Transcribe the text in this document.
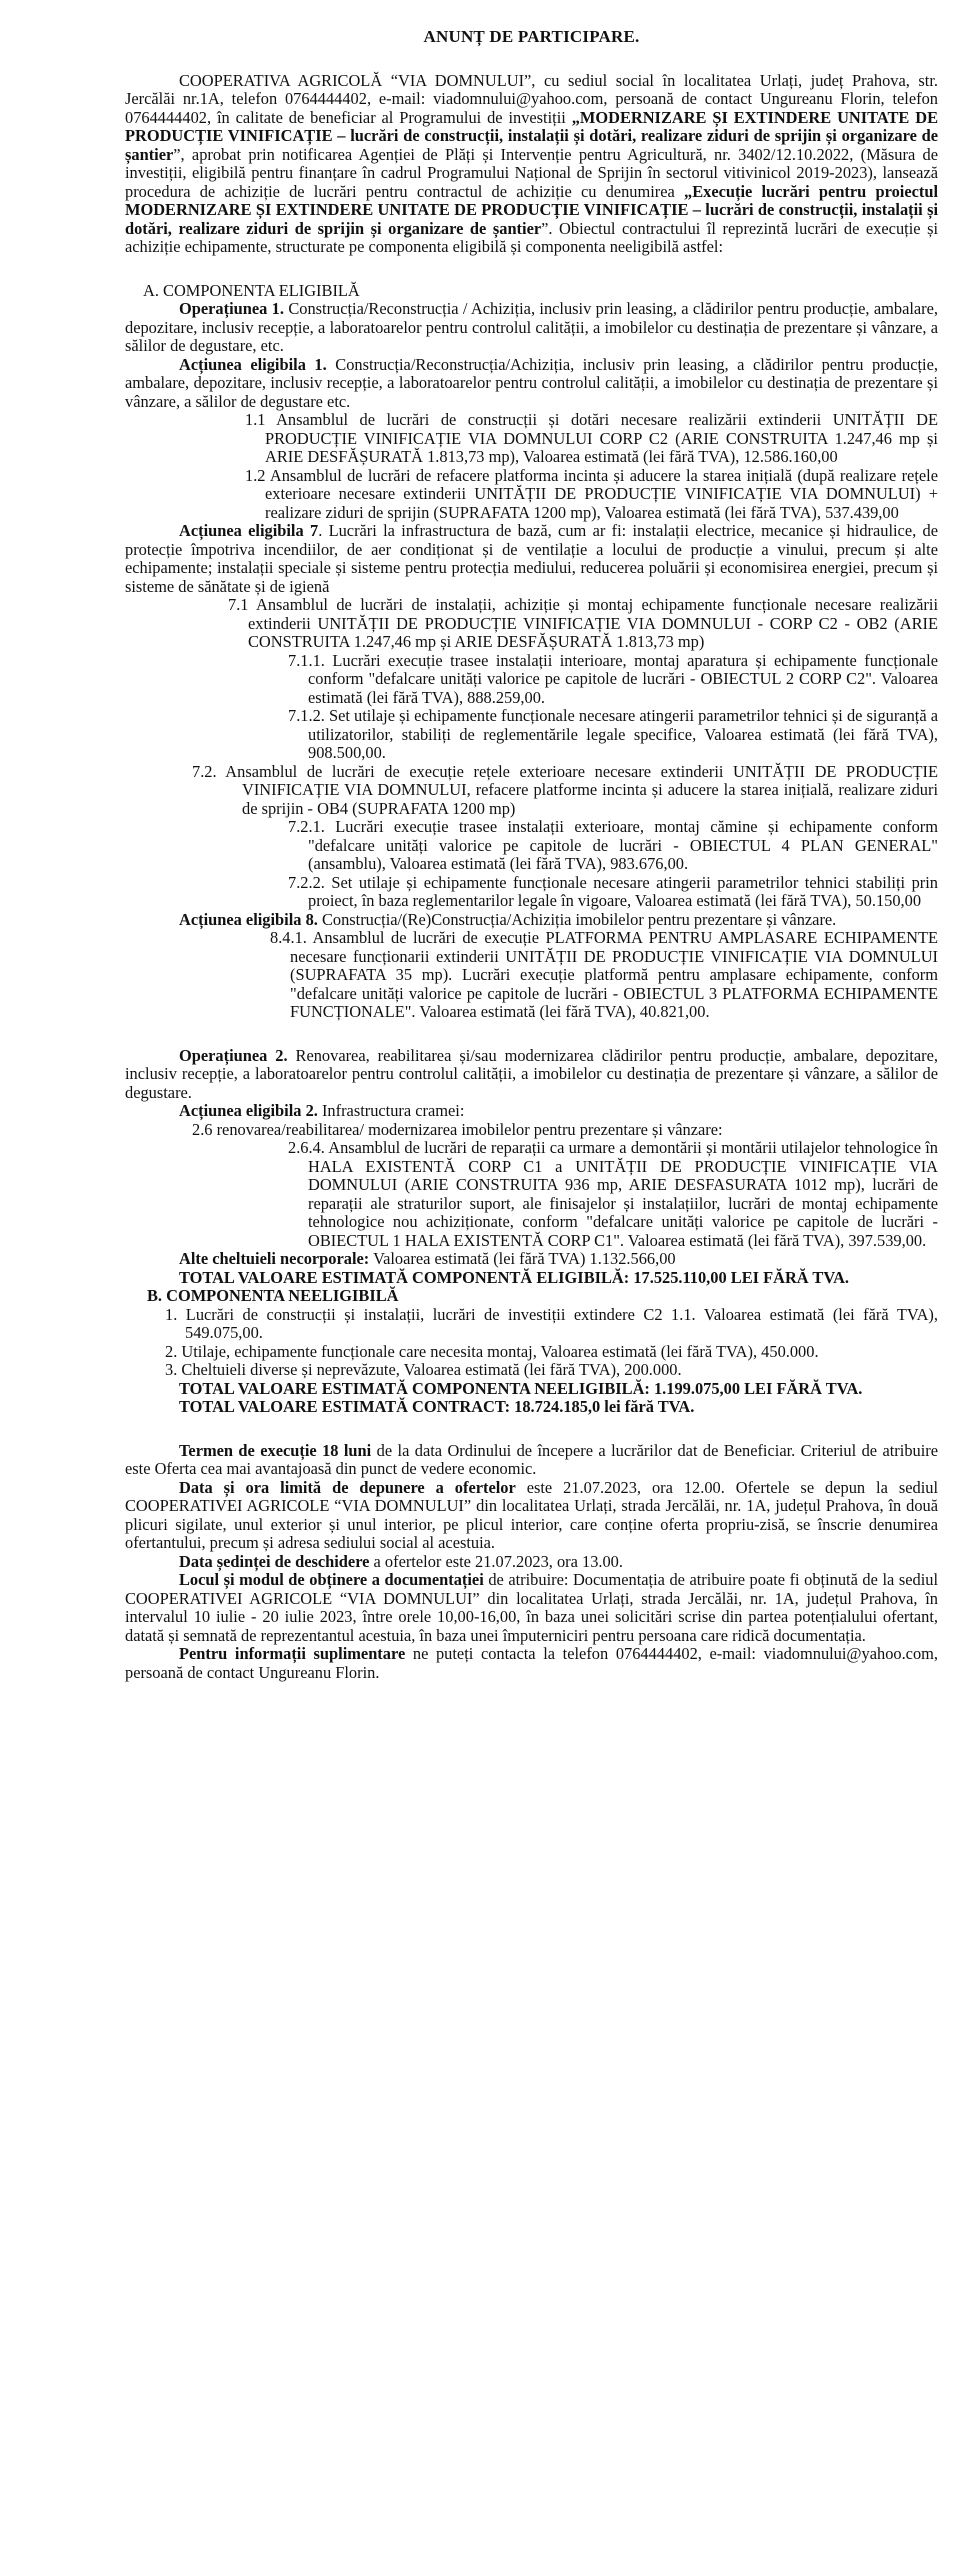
ANUNȚ DE PARTICIPARE.

COOPERATIVA AGRICOLĂ “VIA DOMNULUI”, cu sediul social în localitatea Urlați, județ Prahova, str. Jercălăi nr.1A, telefon 0764444402, e-mail: viadomnului@yahoo.com, persoană de contact Ungureanu Florin, telefon 0764444402, în calitate de beneficiar al Programului de investiții „MODERNIZARE ȘI EXTINDERE UNITATE DE PRODUCȚIE VINIFICAȚIE – lucrări de construcții, instalații și dotări, realizare ziduri de sprijin și organizare de șantier”, aprobat prin notificarea Agenției de Plăți și Intervenție pentru Agricultură, nr. 3402/12.10.2022, (Măsura de investiții, eligibilă pentru finanțare în cadrul Programului Național de Sprijin în sectorul vitivinicol 2019-2023), lansează procedura de achiziție de lucrări pentru contractul de achiziție cu denumirea „Execuție lucrări pentru proiectul MODERNIZARE ȘI EXTINDERE UNITATE DE PRODUCȚIE VINIFICAȚIE – lucrări de construcții, instalații și dotări, realizare ziduri de sprijin și organizare de șantier”. Obiectul contractului îl reprezintă lucrări de execuție și achiziție echipamente, structurate pe componenta eligibilă și componenta neeligibilă astfel:

A. COMPONENTA ELIGIBILĂ

Operațiunea 1. Construcția/Reconstrucția / Achiziția, inclusiv prin leasing, a clădirilor pentru producție, ambalare, depozitare, inclusiv recepție, a laboratoarelor pentru controlul calității, a imobilelor cu destinația de prezentare și vânzare, a sălilor de degustare, etc.

Acțiunea eligibila 1. Construcția/Reconstrucția/Achiziția, inclusiv prin leasing, a clădirilor pentru producție, ambalare, depozitare, inclusiv recepție, a laboratoarelor pentru controlul calității, a imobilelor cu destinația de prezentare și vânzare, a sălilor de degustare etc.

1.1 Ansamblul de lucrări de construcții și dotări necesare realizării extinderii UNITĂȚII DE PRODUCȚIE VINIFICAȚIE VIA DOMNULUI CORP C2 (ARIE CONSTRUITA 1.247,46 mp și ARIE DESFĂȘURATĂ 1.813,73 mp), Valoarea estimată (lei fără TVA), 12.586.160,00

1.2 Ansamblul de lucrări de refacere platforma incinta și aducere la starea inițială (după realizare rețele exterioare necesare extinderii UNITĂȚII DE PRODUCȚIE VINIFICAȚIE VIA DOMNULUI) + realizare ziduri de sprijin (SUPRAFATA 1200 mp), Valoarea estimată (lei fără TVA), 537.439,00

Acțiunea eligibila 7. Lucrări la infrastructura de bază, cum ar fi: instalații electrice, mecanice și hidraulice, de protecție împotriva incendiilor, de aer condiționat și de ventilație a locului de producție a vinului, precum și alte echipamente; instalații speciale și sisteme pentru protecția mediului, reducerea poluării și economisirea energiei, precum și sisteme de sănătate și de igienă

7.1 Ansamblul de lucrări de instalații, achiziție și montaj echipamente funcționale necesare realizării extinderii UNITĂȚII DE PRODUCȚIE VINIFICAȚIE VIA DOMNULUI - CORP C2 - OB2 (ARIE CONSTRUITA 1.247,46 mp și ARIE DESFĂȘURATĂ 1.813,73 mp)

7.1.1. Lucrări execuție trasee instalații interioare, montaj aparatura și echipamente funcționale conform "defalcare unități valorice pe capitole de lucrări - OBIECTUL 2 CORP C2". Valoarea estimată (lei fără TVA), 888.259,00.

7.1.2. Set utilaje și echipamente funcționale necesare atingerii parametrilor tehnici și de siguranță a utilizatorilor, stabiliți de reglementările legale specifice, Valoarea estimată (lei fără TVA), 908.500,00.

7.2. Ansamblul de lucrări de execuție rețele exterioare necesare extinderii UNITĂȚII DE PRODUCȚIE VINIFICAȚIE VIA DOMNULUI, refacere platforme incinta și aducere la starea inițială, realizare ziduri de sprijin - OB4 (SUPRAFATA 1200 mp)

7.2.1. Lucrări execuție trasee instalații exterioare, montaj cămine și echipamente conform "defalcare unități valorice pe capitole de lucrări - OBIECTUL 4 PLAN GENERAL" (ansamblu), Valoarea estimată (lei fără TVA), 983.676,00.

7.2.2. Set utilaje și echipamente funcționale necesare atingerii parametrilor tehnici stabiliți prin proiect, în baza reglementarilor legale în vigoare, Valoarea estimată (lei fără TVA), 50.150,00

Acțiunea eligibila 8. Construcția/(Re)Construcția/Achiziția imobilelor pentru prezentare și vânzare.

8.4.1. Ansamblul de lucrări de execuție PLATFORMA PENTRU AMPLASARE ECHIPAMENTE necesare funcționarii extinderii UNITĂȚII DE PRODUCȚIE VINIFICAȚIE VIA DOMNULUI (SUPRAFATA 35 mp). Lucrări execuție platformă pentru amplasare echipamente, conform "defalcare unități valorice pe capitole de lucrări - OBIECTUL 3 PLATFORMA ECHIPAMENTE FUNCȚIONALE". Valoarea estimată (lei fără TVA), 40.821,00.

Operațiunea 2. Renovarea, reabilitarea și/sau modernizarea clădirilor pentru producție, ambalare, depozitare, inclusiv recepție, a laboratoarelor pentru controlul calității, a imobilelor cu destinația de prezentare și vânzare, a sălilor de degustare.

Acțiunea eligibila 2. Infrastructura cramei:

2.6 renovarea/reabilitarea/ modernizarea imobilelor pentru prezentare și vânzare:

2.6.4. Ansamblul de lucrări de reparații ca urmare a demontării și montării utilajelor tehnologice în HALA EXISTENTĂ CORP C1 a UNITĂȚII DE PRODUCȚIE VINIFICAȚIE VIA DOMNULUI (ARIE CONSTRUITA 936 mp, ARIE DESFASURATA 1012 mp), lucrări de reparații ale straturilor suport, ale finisajelor și instalațiilor, lucrări de montaj echipamente tehnologice nou achiziționate, conform "defalcare unități valorice pe capitole de lucrări - OBIECTUL 1 HALA EXISTENTĂ CORP C1". Valoarea estimată (lei fără TVA), 397.539,00.

Alte cheltuieli necorporale: Valoarea estimată (lei fără TVA) 1.132.566,00

TOTAL VALOARE ESTIMATĂ COMPONENTĂ ELIGIBILĂ: 17.525.110,00 LEI FĂRĂ TVA.

B. COMPONENTA NEELIGIBILĂ

1. Lucrări de construcții și instalații, lucrări de investiții extindere C2 1.1. Valoarea estimată (lei fără TVA), 549.075,00.

2. Utilaje, echipamente funcționale care necesita montaj, Valoarea estimată (lei fără TVA), 450.000.

3. Cheltuieli diverse și neprevăzute, Valoarea estimată (lei fără TVA), 200.000.

TOTAL VALOARE ESTIMATĂ COMPONENTA NEELIGIBILĂ: 1.199.075,00 LEI FĂRĂ TVA.

TOTAL VALOARE ESTIMATĂ CONTRACT: 18.724.185,0 lei fără TVA.

Termen de execuție 18 luni de la data Ordinului de începere a lucrărilor dat de Beneficiar. Criteriul de atribuire este Oferta cea mai avantajoasă din punct de vedere economic.

Data și ora limită de depunere a ofertelor este 21.07.2023, ora 12.00. Ofertele se depun la sediul COOPERATIVEI AGRICOLE “VIA DOMNULUI” din localitatea Urlați, strada Jercălăi, nr. 1A, județul Prahova, în două plicuri sigilate, unul exterior și unul interior, pe plicul interior, care conține oferta propriu-zisă, se înscrie denumirea ofertantului, precum și adresa sediului social al acestuia.

Data ședinței de deschidere a ofertelor este 21.07.2023, ora 13.00.

Locul și modul de obținere a documentației de atribuire: Documentația de atribuire poate fi obținută de la sediul COOPERATIVEI AGRICOLE “VIA DOMNULUI” din localitatea Urlați, strada Jercălăi, nr. 1A, județul Prahova, în intervalul 10 iulie - 20 iulie 2023, între orele 10,00-16,00, în baza unei solicitări scrise din partea potențialului ofertant, datată și semnată de reprezentantul acestuia, în baza unei împuterniciri pentru persoana care ridică documentația.

Pentru informații suplimentare ne puteți contacta la telefon 0764444402, e-mail: viadomnului@yahoo.com, persoană de contact Ungureanu Florin.
